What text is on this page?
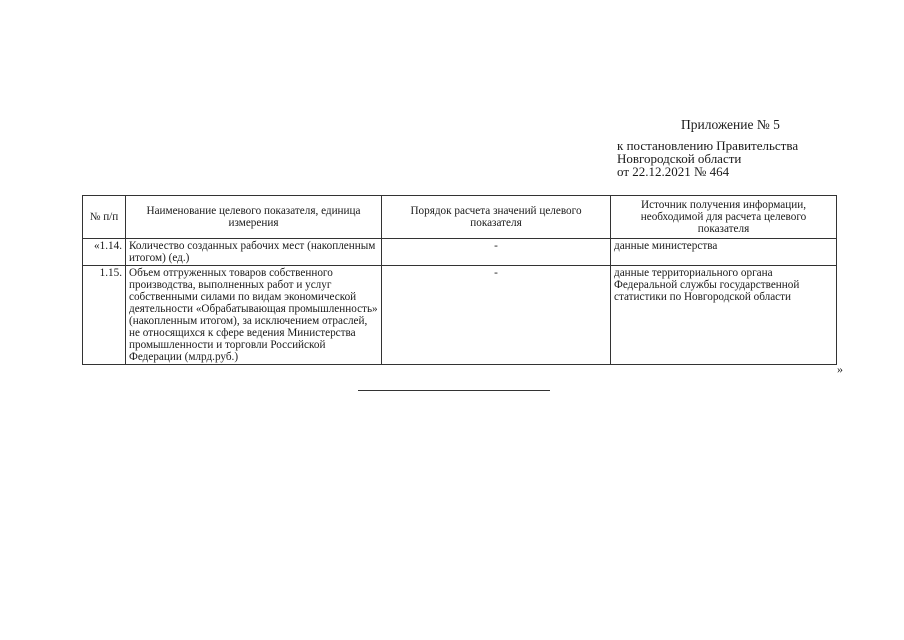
Приложение № 5
к постановлению Правительства
Новгородской области
от 22.12.2021 № 464
№ п/п	Наименование целевого показателя, единица измерения	Порядок расчета значений целевого показателя	Источник получения информации, необходимой для расчета целевого показателя
«1.14.	Количество созданных рабочих мест (накопленным итогом) (ед.)	-	данные министерства
1.15.	Объем отгруженных товаров собственного производства, выполненных работ и услуг собственными силами по видам экономической деятельности «Обрабатывающая промышленность» (накопленным итогом), за исключением отраслей, не относящихся к сфере ведения Министерства промышленности и торговли Российской Федерации (млрд.руб.)	-	данные территориального органа Федеральной службы государственной статистики по Новгородской области
»
